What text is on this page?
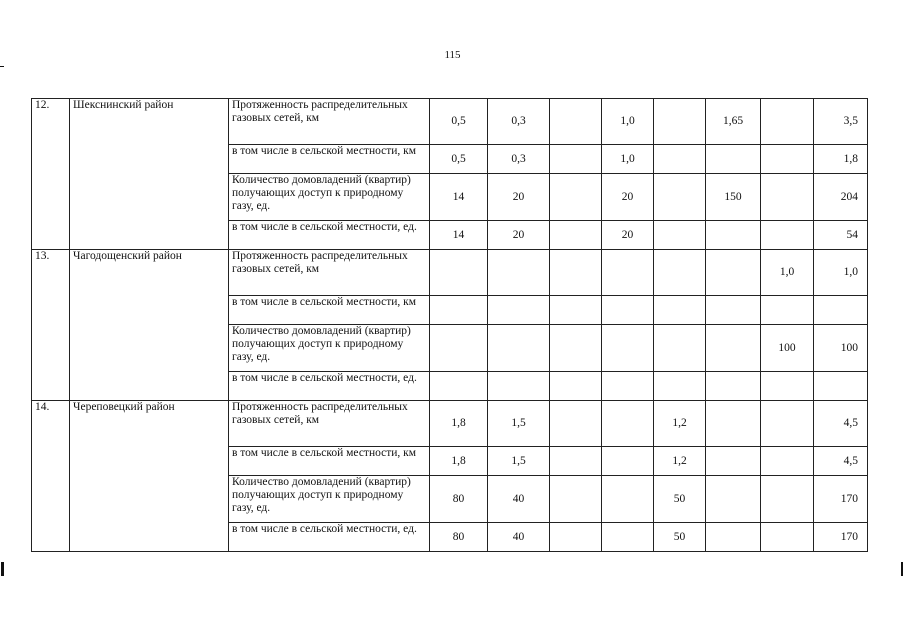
115
12.	Шекснинский район	Протяженность распределительных газовых сетей, км	0,5	0,3		1,0		1,65		3,5
		в том числе в сельской местности, км	0,5	0,3		1,0				1,8
		Количество домовладений (квартир) получающих доступ к природному газу, ед.	14	20		20		150		204
		в том числе в сельской местности, ед.	14	20		20				54
13.	Чагодощенский район	Протяженность распределительных газовых сетей, км							1,0	1,0
		в том числе в сельской местности, км								
		Количество домовладений (квартир) получающих доступ к природному газу, ед.							100	100
		в том числе в сельской местности, ед.								
14.	Череповецкий район	Протяженность распределительных газовых сетей, км	1,8	1,5			1,2			4,5
		в том числе в сельской местности, км	1,8	1,5			1,2			4,5
		Количество домовладений (квартир) получающих доступ к природному газу, ед.	80	40			50			170
		в том числе в сельской местности, ед.	80	40			50			170
